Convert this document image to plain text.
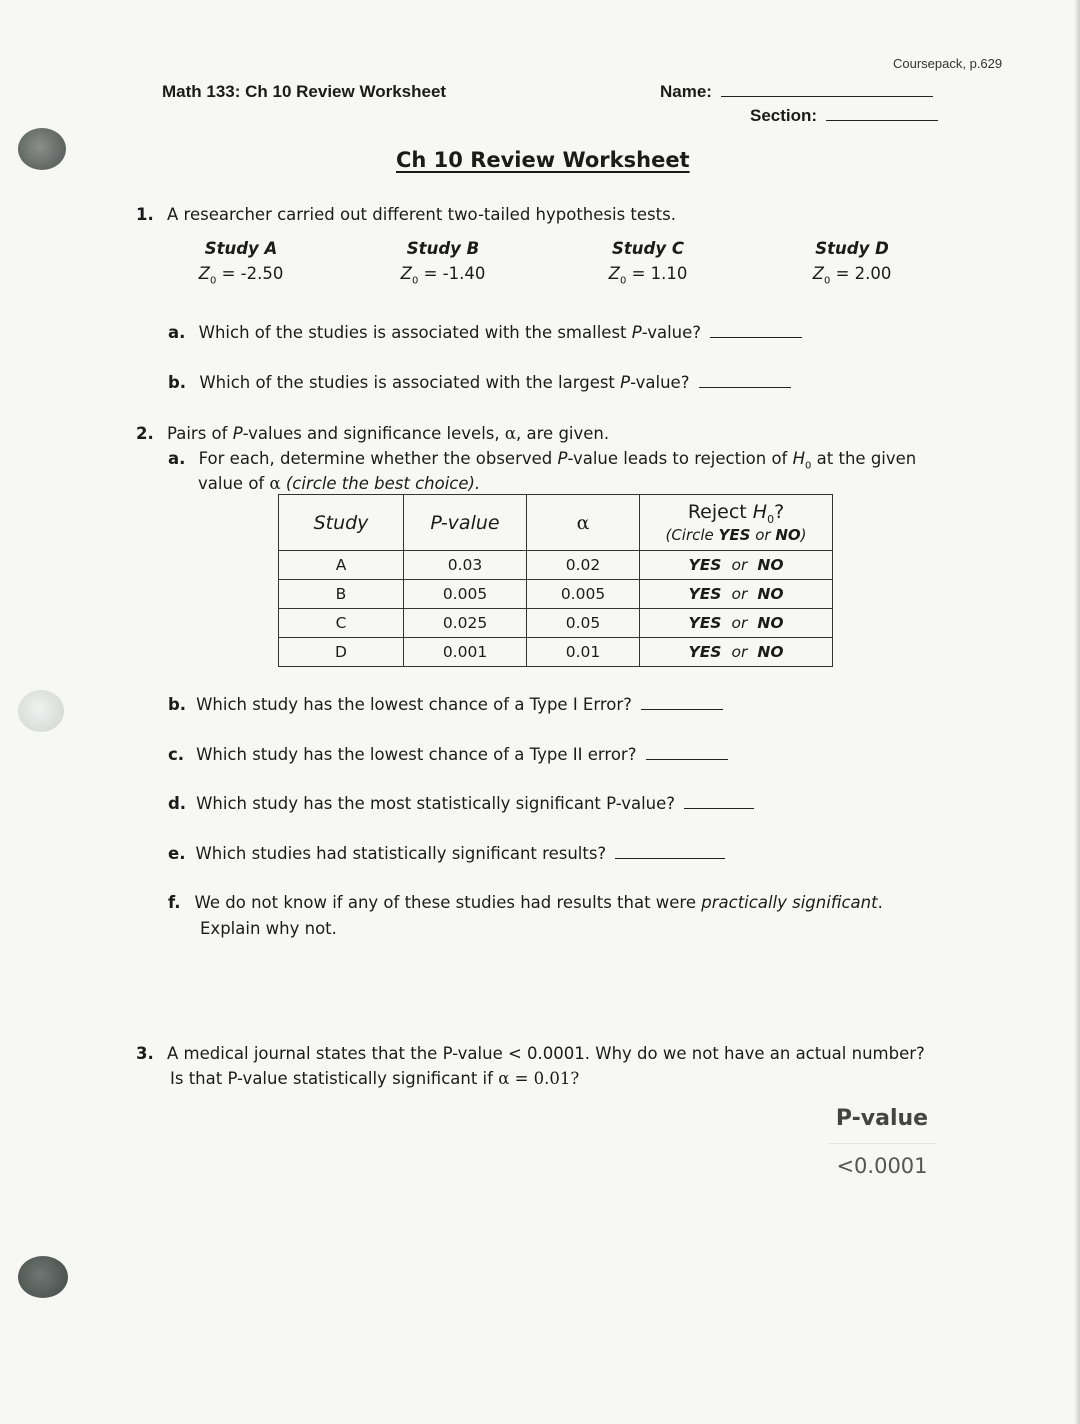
Coursepack, p.629
Math 133: Ch 10 Review Worksheet	Name:
Section:
Ch 10 Review Worksheet
1. A researcher carried out different two-tailed hypothesis tests.
Study A	Study B	Study C	Study D
$Z_0 = -2.50$	$Z_0 = -1.40$	$Z_0 = 1.10$	$Z_0 = 2.00$
a. Which of the studies is associated with the smallest P-value?
b. Which of the studies is associated with the largest P-value?
2. Pairs of P-values and significance levels, α, are given.
a. For each, determine whether the observed P-value leads to rejection of $H_0$ at the given
value of α (circle the best choice).
Study	P-value	α	Reject $H_0$?
(Circle YES or NO)

A	0.03	0.02	YES or NO
B	0.005	0.005	YES or NO
C	0.025	0.05	YES or NO
D	0.001	0.01	YES or NO
b. Which study has the lowest chance of a Type I Error?
c. Which study has the lowest chance of a Type II error?
d. Which study has the most statistically significant P-value?
e. Which studies had statistically significant results?
f. We do not know if any of these studies had results that were practically significant.
Explain why not.
3. A medical journal states that the P-value < 0.0001. Why do we not have an actual number?
Is that P-value statistically significant if α = 0.01?
P-value
<0.0001
